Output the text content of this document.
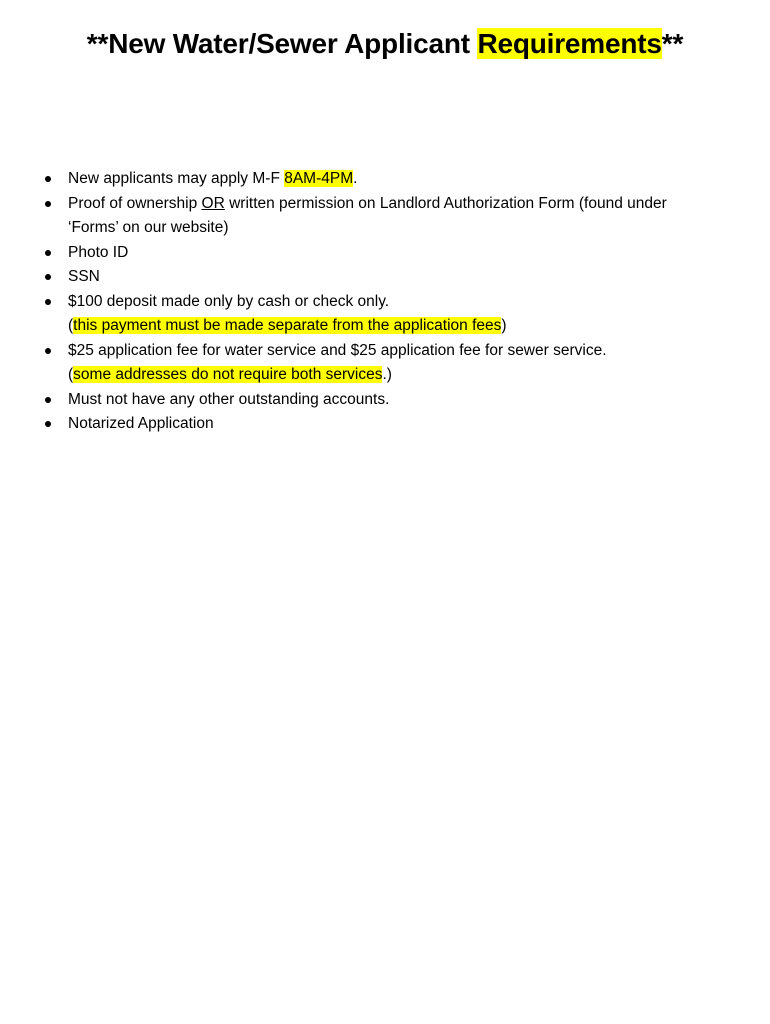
**New Water/Sewer Applicant Requirements**
New applicants may apply M-F 8AM-4PM.
Proof of ownership OR written permission on Landlord Authorization Form (found under
‘Forms’ on our website)
Photo ID
SSN
$100 deposit made only by cash or check only.
(this payment must be made separate from the application fees)
$25 application fee for water service and $25 application fee for sewer service.
(some addresses do not require both services.)
Must not have any other outstanding accounts.
Notarized Application
